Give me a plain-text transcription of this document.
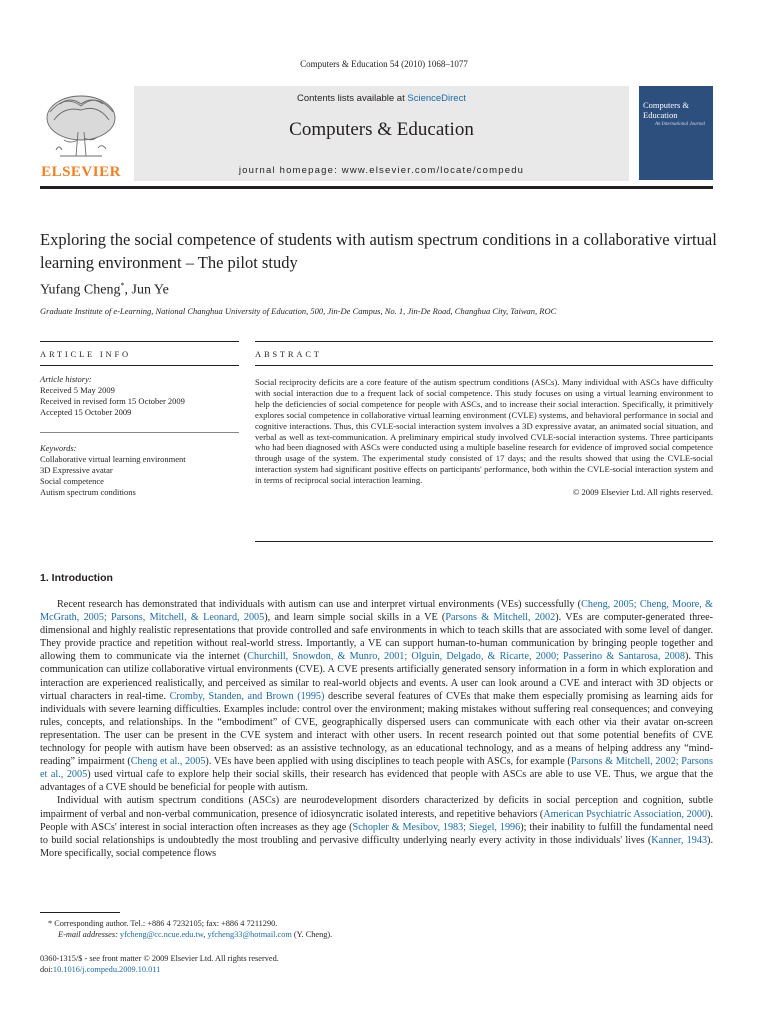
Computers & Education 54 (2010) 1068–1077
ELSEVIER
Contents lists available at ScienceDirect
Computers & Education
journal homepage: www.elsevier.com/locate/compedu
Computers & Education
An International Journal
Exploring the social competence of students with autism spectrum conditions in a collaborative virtual learning environment – The pilot study
Yufang Cheng*, Jun Ye
Graduate Institute of e-Learning, National Changhua University of Education, 500, Jin-De Campus, No. 1, Jin-De Road, Changhua City, Taiwan, ROC
ARTICLE INFO	ABSTRACT
Article history:
Received 5 May 2009
Received in revised form 15 October 2009
Accepted 15 October 2009
Keywords:
Collaborative virtual learning environment
3D Expressive avatar
Social competence
Autism spectrum conditions
Social reciprocity deficits are a core feature of the autism spectrum conditions (ASCs). Many individual with ASCs have difficulty with social interaction due to a frequent lack of social competence. This study focuses on using a virtual learning environment to help the deficiencies of social competence for people with ASCs, and to increase their social interaction. Specifically, it primitively explores social competence in collaborative virtual learning environment (CVLE) systems, and behavioral performance in social and cognitive interactions. Thus, this CVLE-social interaction system involves a 3D expressive avatar, an animated social situation, and verbal as well as text-communication. A preliminary empirical study involved CVLE-social interaction systems. Three participants who had been diagnosed with ASCs were conducted using a multiple baseline research for evidence of improved social competence through usage of the system. The experimental study consisted of 17 days; and the results showed that using the CVLE-social interaction system had significant positive effects on participants' performance, both within the CVLE-social interaction system and in terms of reciprocal social interaction learning.
© 2009 Elsevier Ltd. All rights reserved.
1. Introduction

Recent research has demonstrated that individuals with autism can use and interpret virtual environments (VEs) successfully (Cheng, 2005; Cheng, Moore, & McGrath, 2005; Parsons, Mitchell, & Leonard, 2005), and learn simple social skills in a VE (Parsons & Mitchell, 2002). VEs are computer-generated three-dimensional and highly realistic representations that provide controlled and safe environments in which to teach skills that are associated with some level of danger. They provide practice and repetition without real-world stress. Importantly, a VE can support human-to-human communication by bringing people together and allowing them to communicate via the internet (Churchill, Snowdon, & Munro, 2001; Olguin, Delgado, & Ricarte, 2000; Passerino & Santarosa, 2008). This communication can utilize collaborative virtual environments (CVE). A CVE presents artificially generated sensory information in a form in which exploration and interaction are experienced realistically, and perceived as similar to real-world objects and events. A user can look around a CVE and interact with 3D objects or virtual characters in real-time. Cromby, Standen, and Brown (1995) describe several features of CVEs that make them especially promising as learning aids for individuals with severe learning difficulties. Examples include: control over the environment; making mistakes without suffering real consequences; and conveying rules, concepts, and relationships. In the “embodiment” of CVE, geographically dispersed users can communicate with each other via their avatar on-screen representation. The user can be present in the CVE system and interact with other users. In recent research pointed out that some potential benefits of CVE technology for people with autism have been observed: as an assistive technology, as an educational technology, and as a means of helping address any “mind-reading” impairment (Cheng et al., 2005). VEs have been applied with using disciplines to teach people with ASCs, for example (Parsons & Mitchell, 2002; Parsons et al., 2005) used virtual cafe to explore help their social skills, their research has evidenced that people with ASCs are able to use VE. Thus, we argue that the advantages of a CVE should be beneficial for people with autism.

Individual with autism spectrum conditions (ASCs) are neurodevelopment disorders characterized by deficits in social perception and cognition, subtle impairment of verbal and non-verbal communication, presence of idiosyncratic isolated interests, and repetitive behaviors (American Psychiatric Association, 2000). People with ASCs' interest in social interaction often increases as they age (Schopler & Mesibov, 1983; Siegel, 1996); their inability to fulfill the fundamental need to build social relationships is undoubtedly the most troubling and pervasive difficulty underlying nearly every activity in those individuals' lives (Kanner, 1943). More specifically, social competence flows

* Corresponding author. Tel.: +886 4 7232105; fax: +886 4 7211290.
E-mail addresses: yfcheng@cc.ncue.edu.tw, yfcheng33@hotmail.com (Y. Cheng).
0360-1315/$ - see front matter © 2009 Elsevier Ltd. All rights reserved.
doi:10.1016/j.compedu.2009.10.011
